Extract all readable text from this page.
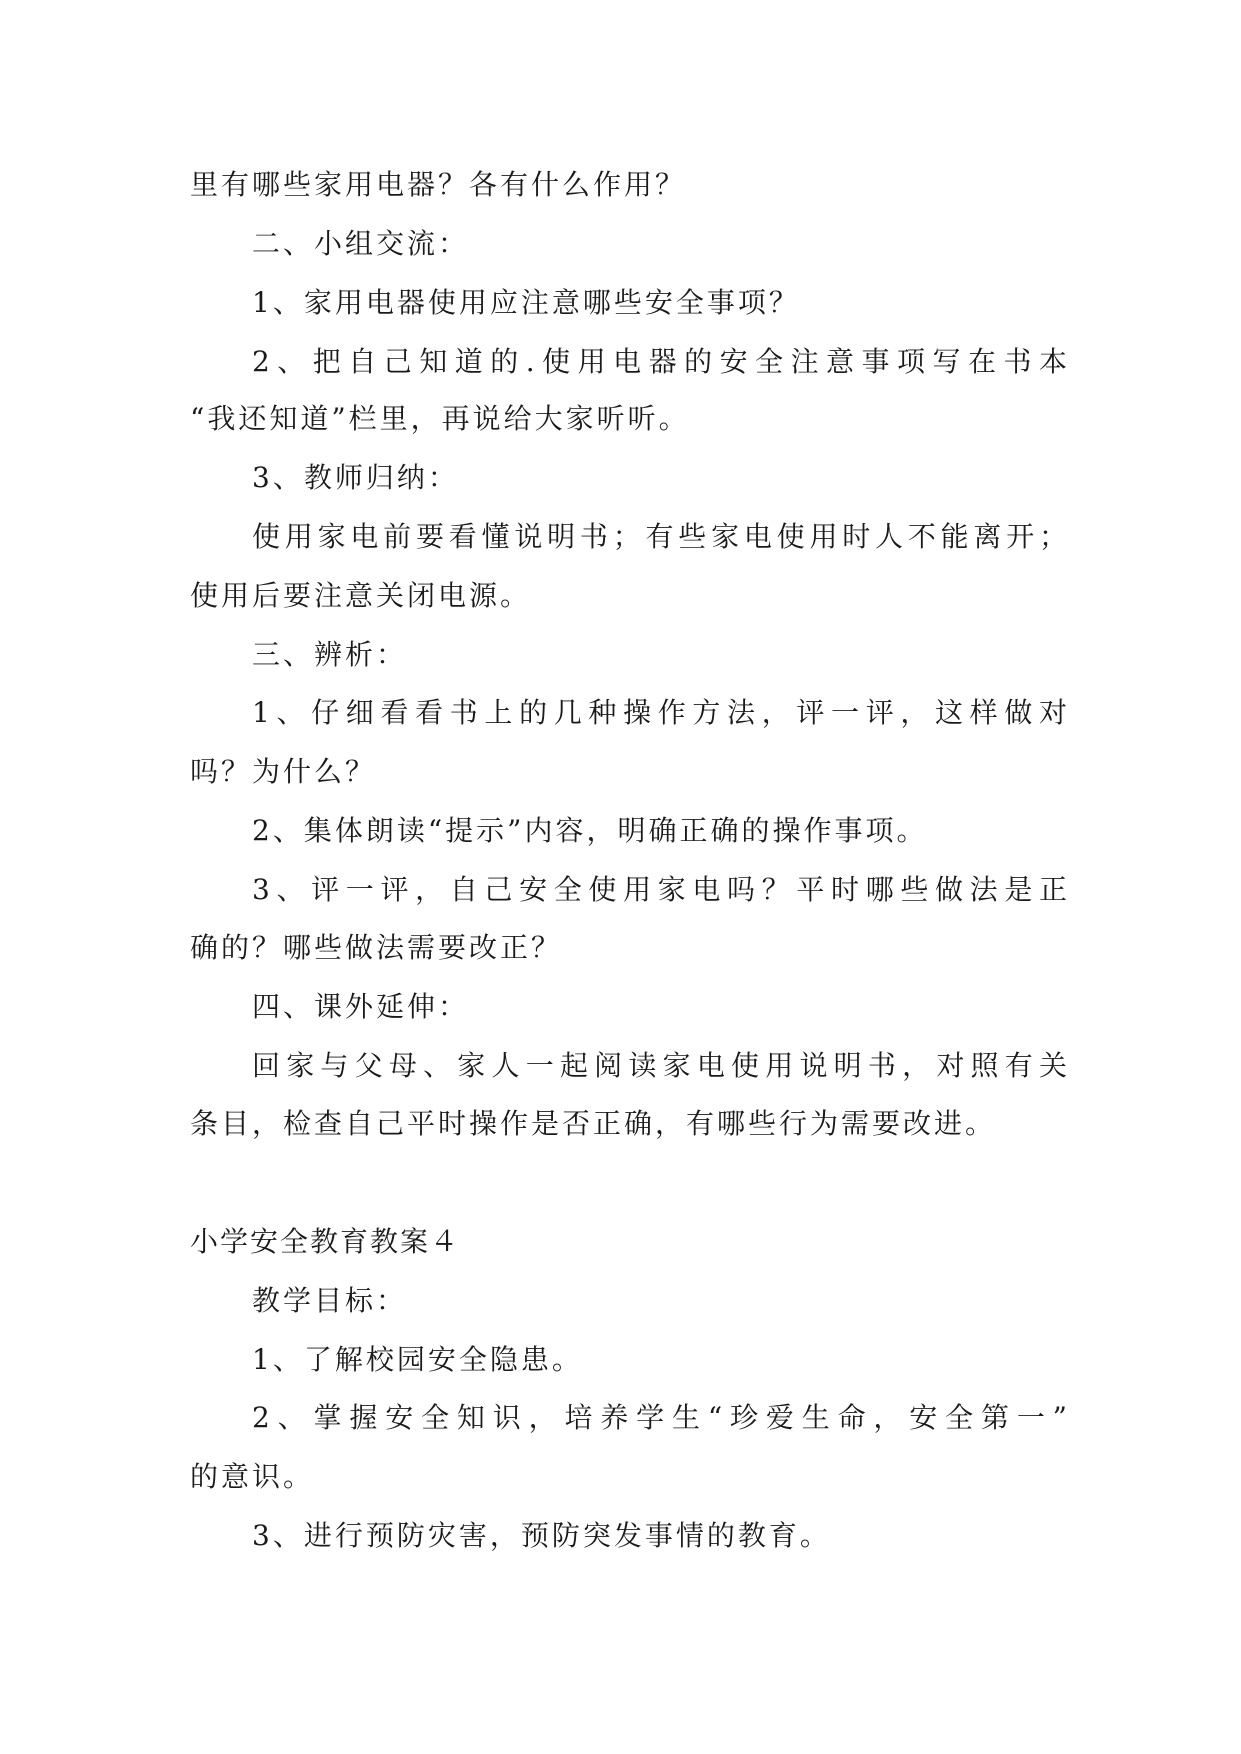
里有哪些家用电器？各有什么作用？
二、小组交流：
1、家用电器使用应注意哪些安全事项？
2、把自己知道的.使用电器的安全注意事项写在书本
“我还知道”栏里，再说给大家听听。
3、教师归纳：
使用家电前要看懂说明书；有些家电使用时人不能离开；
使用后要注意关闭电源。
三、辨析：
1、仔细看看书上的几种操作方法，评一评，这样做对
吗？为什么？
2、集体朗读“提示”内容，明确正确的操作事项。
3、评一评，自己安全使用家电吗？平时哪些做法是正
确的？哪些做法需要改正？
四、课外延伸：
回家与父母、家人一起阅读家电使用说明书，对照有关
条目，检查自己平时操作是否正确，有哪些行为需要改进。
小学安全教育教案４
教学目标：
1、了解校园安全隐患。
2、掌握安全知识，培养学生“珍爱生命，安全第一”
的意识。
3、进行预防灾害，预防突发事情的教育。
